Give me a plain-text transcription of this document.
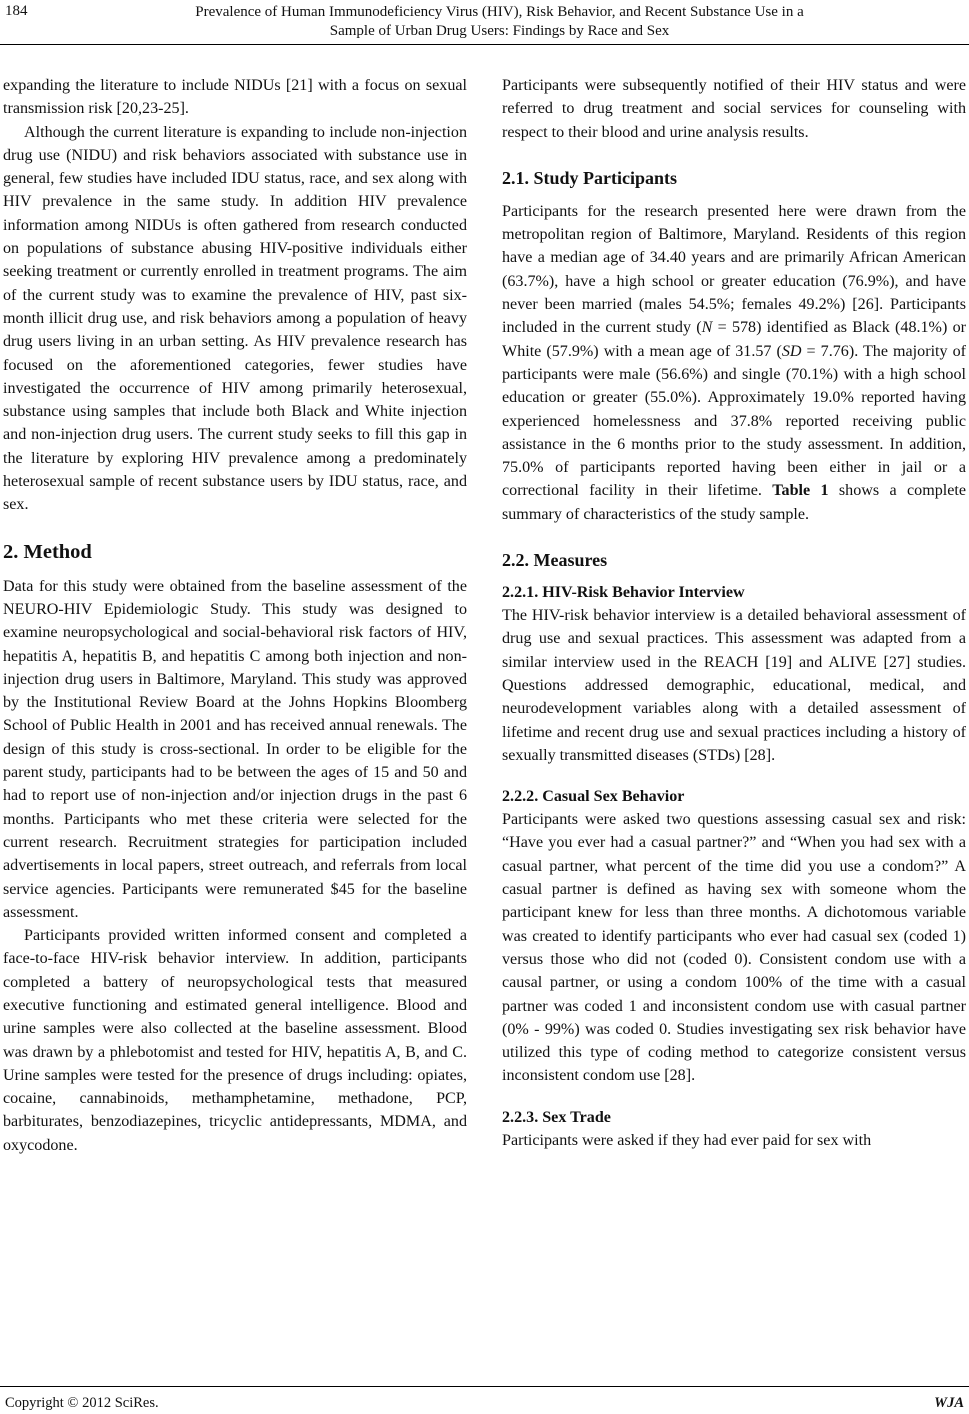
184	Prevalence of Human Immunodeficiency Virus (HIV), Risk Behavior, and Recent Substance Use in a
Sample of Urban Drug Users: Findings by Race and Sex

expanding the literature to include NIDUs [21] with a focus on sexual transmission risk [20,23-25].

Although the current literature is expanding to include non-injection drug use (NIDU) and risk behaviors associated with substance use in general, few studies have included IDU status, race, and sex along with HIV prevalence in the same study. In addition HIV prevalence information among NIDUs is often gathered from research conducted on populations of substance abusing HIV-positive individuals either seeking treatment or currently enrolled in treatment programs. The aim of the current study was to examine the prevalence of HIV, past six-month illicit drug use, and risk behaviors among a population of heavy drug users living in an urban setting. As HIV prevalence research has focused on the aforementioned categories, fewer studies have investigated the occurrence of HIV among primarily heterosexual, substance using samples that include both Black and White injection and non-injection drug users. The current study seeks to fill this gap in the literature by exploring HIV prevalence among a predominately heterosexual sample of recent substance users by IDU status, race, and sex.

2. Method

Data for this study were obtained from the baseline assessment of the NEURO-HIV Epidemiologic Study. This study was designed to examine neuropsychological and social-behavioral risk factors of HIV, hepatitis A, hepatitis B, and hepatitis C among both injection and non-injection drug users in Baltimore, Maryland. This study was approved by the Institutional Review Board at the Johns Hopkins Bloomberg School of Public Health in 2001 and has received annual renewals. The design of this study is cross-sectional. In order to be eligible for the parent study, participants had to be between the ages of 15 and 50 and had to report use of non-injection and/or injection drugs in the past 6 months. Participants who met these criteria were selected for the current research. Recruitment strategies for participation included advertisements in local papers, street outreach, and referrals from local service agencies. Participants were remunerated $45 for the baseline assessment.

Participants provided written informed consent and completed a face-to-face HIV-risk behavior interview. In addition, participants completed a battery of neuropsychological tests that measured executive functioning and estimated general intelligence. Blood and urine samples were also collected at the baseline assessment. Blood was drawn by a phlebotomist and tested for HIV, hepatitis A, B, and C. Urine samples were tested for the presence of drugs including: opiates, cocaine, cannabinoids, methamphetamine, methadone, PCP, barbiturates, benzodiazepines, tricyclic antidepressants, MDMA, and oxycodone.

Participants were subsequently notified of their HIV status and were referred to drug treatment and social services for counseling with respect to their blood and urine analysis results.

2.1. Study Participants

Participants for the research presented here were drawn from the metropolitan region of Baltimore, Maryland. Residents of this region have a median age of 34.40 years and are primarily African American (63.7%), have a high school or greater education (76.9%), and have never been married (males 54.5%; females 49.2%) [26]. Participants included in the current study (N = 578) identified as Black (48.1%) or White (57.9%) with a mean age of 31.57 (SD = 7.76). The majority of participants were male (56.6%) and single (70.1%) with a high school education or greater (55.0%). Approximately 19.0% reported having experienced homelessness and 37.8% reported receiving public assistance in the 6 months prior to the study assessment. In addition, 75.0% of participants reported having been either in jail or a correctional facility in their lifetime. Table 1 shows a complete summary of characteristics of the study sample.

2.2. Measures
2.2.1. HIV-Risk Behavior Interview

The HIV-risk behavior interview is a detailed behavioral assessment of drug use and sexual practices. This assessment was adapted from a similar interview used in the REACH [19] and ALIVE [27] studies. Questions addressed demographic, educational, medical, and neurodevelopment variables along with a detailed assessment of lifetime and recent drug use and sexual practices including a history of sexually transmitted diseases (STDs) [28].

2.2.2. Casual Sex Behavior

Participants were asked two questions assessing casual sex and risk: “Have you ever had a casual partner?” and “When you had sex with a casual partner, what percent of the time did you use a condom?” A casual partner is defined as having sex with someone whom the participant knew for less than three months. A dichotomous variable was created to identify participants who ever had casual sex (coded 1) versus those who did not (coded 0). Consistent condom use with a causal partner, or using a condom 100% of the time with a casual partner was coded 1 and inconsistent condom use with casual partner (0% - 99%) was coded 0. Studies investigating sex risk behavior have utilized this type of coding method to categorize consistent versus inconsistent condom use [28].

2.2.3. Sex Trade

Participants were asked if they had ever paid for sex with

Copyright © 2012 SciRes.	WJA
